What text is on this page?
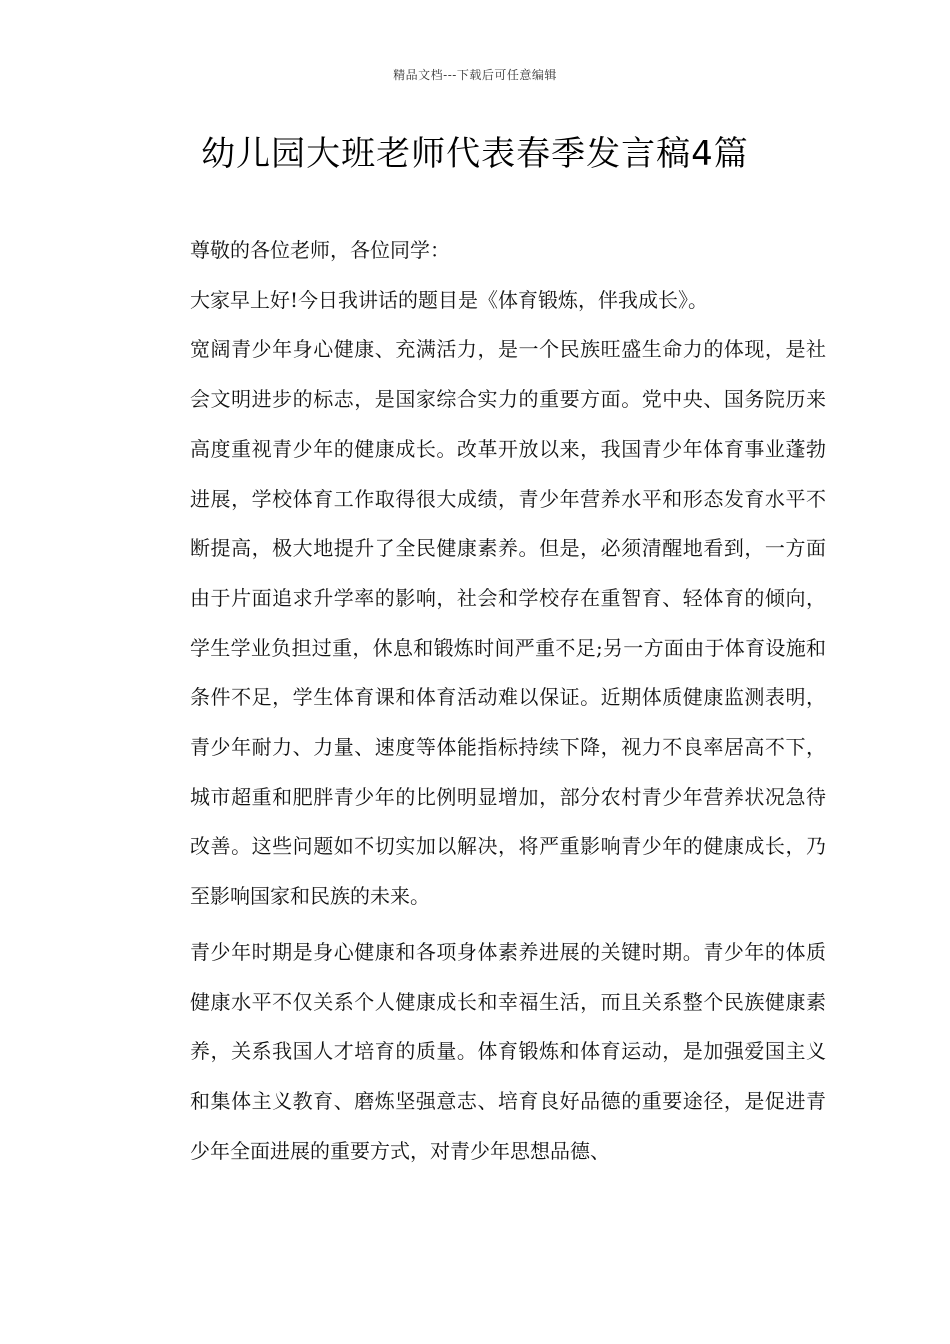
精品文档---下载后可任意编辑
幼儿园大班老师代表春季发言稿4篇

尊敬的各位老师，各位同学：

大家早上好!今日我讲话的题目是《体育锻炼，伴我成长》。

宽阔青少年身心健康、充满活力，是一个民族旺盛生命力的体现，是社会文明进步的标志，是国家综合实力的重要方面。党中央、国务院历来高度重视青少年的健康成长。改革开放以来，我国青少年体育事业蓬勃进展，学校体育工作取得很大成绩，青少年营养水平和形态发育水平不断提高，极大地提升了全民健康素养。但是，必须清醒地看到，一方面由于片面追求升学率的影响，社会和学校存在重智育、轻体育的倾向，学生学业负担过重，休息和锻炼时间严重不足;另一方面由于体育设施和条件不足，学生体育课和体育活动难以保证。近期体质健康监测表明，青少年耐力、力量、速度等体能指标持续下降，视力不良率居高不下，城市超重和肥胖青少年的比例明显增加，部分农村青少年营养状况急待改善。这些问题如不切实加以解决，将严重影响青少年的健康成长，乃至影响国家和民族的未来。

青少年时期是身心健康和各项身体素养进展的关键时期。青少年的体质健康水平不仅关系个人健康成长和幸福生活，而且关系整个民族健康素养，关系我国人才培育的质量。体育锻炼和体育运动，是加强爱国主义和集体主义教育、磨炼坚强意志、培育良好品德的重要途径，是促进青少年全面进展的重要方式，对青少年思想品德、
